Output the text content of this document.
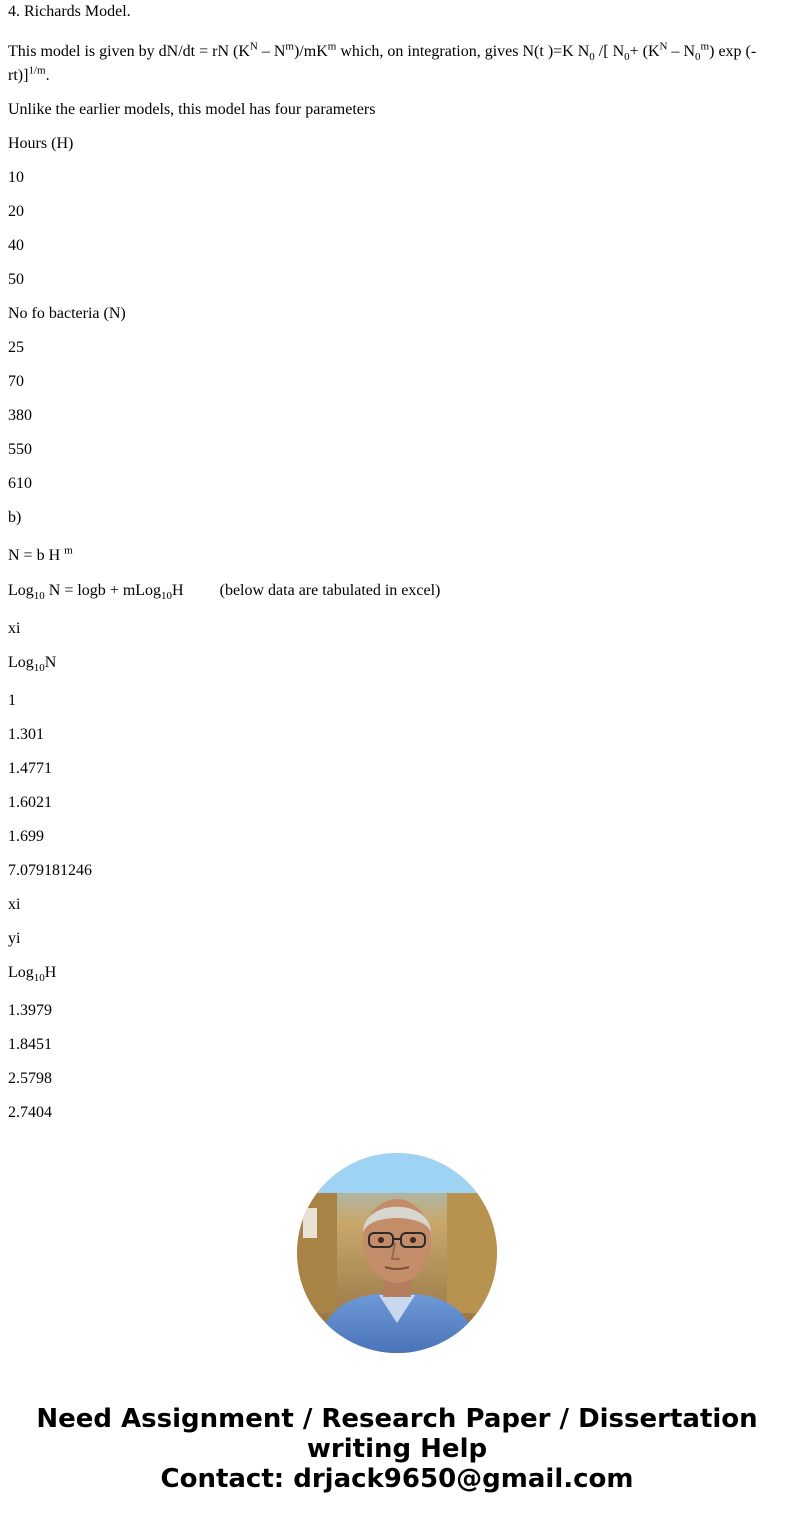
4. Richards Model.

This model is given by dN/dt = rN $(K^N - N^m)/mK^m$ which, on integration, gives N(t )=K $N_0$ /[ $N_0+ (K^N - N_0^m)$ exp (-rt)]$^{1/m}$.

Unlike the earlier models, this model has four parameters

Hours (H)

10

20

40

50

No fo bacteria (N)

25

70

380

550

610

b)

N = b H $^m$

Log$_{10}$ N = logb + mLog$_{10}$H (below data are tabulated in excel)

xi

Log$_{10}$N

1

1.301

1.4771

1.6021

1.699

7.079181246

xi

yi

Log$_{10}$H

1.3979

1.8451

2.5798

2.7404

Need Assignment / Research Paper / Dissertation
writing Help
Contact: drjack9650@gmail.com
